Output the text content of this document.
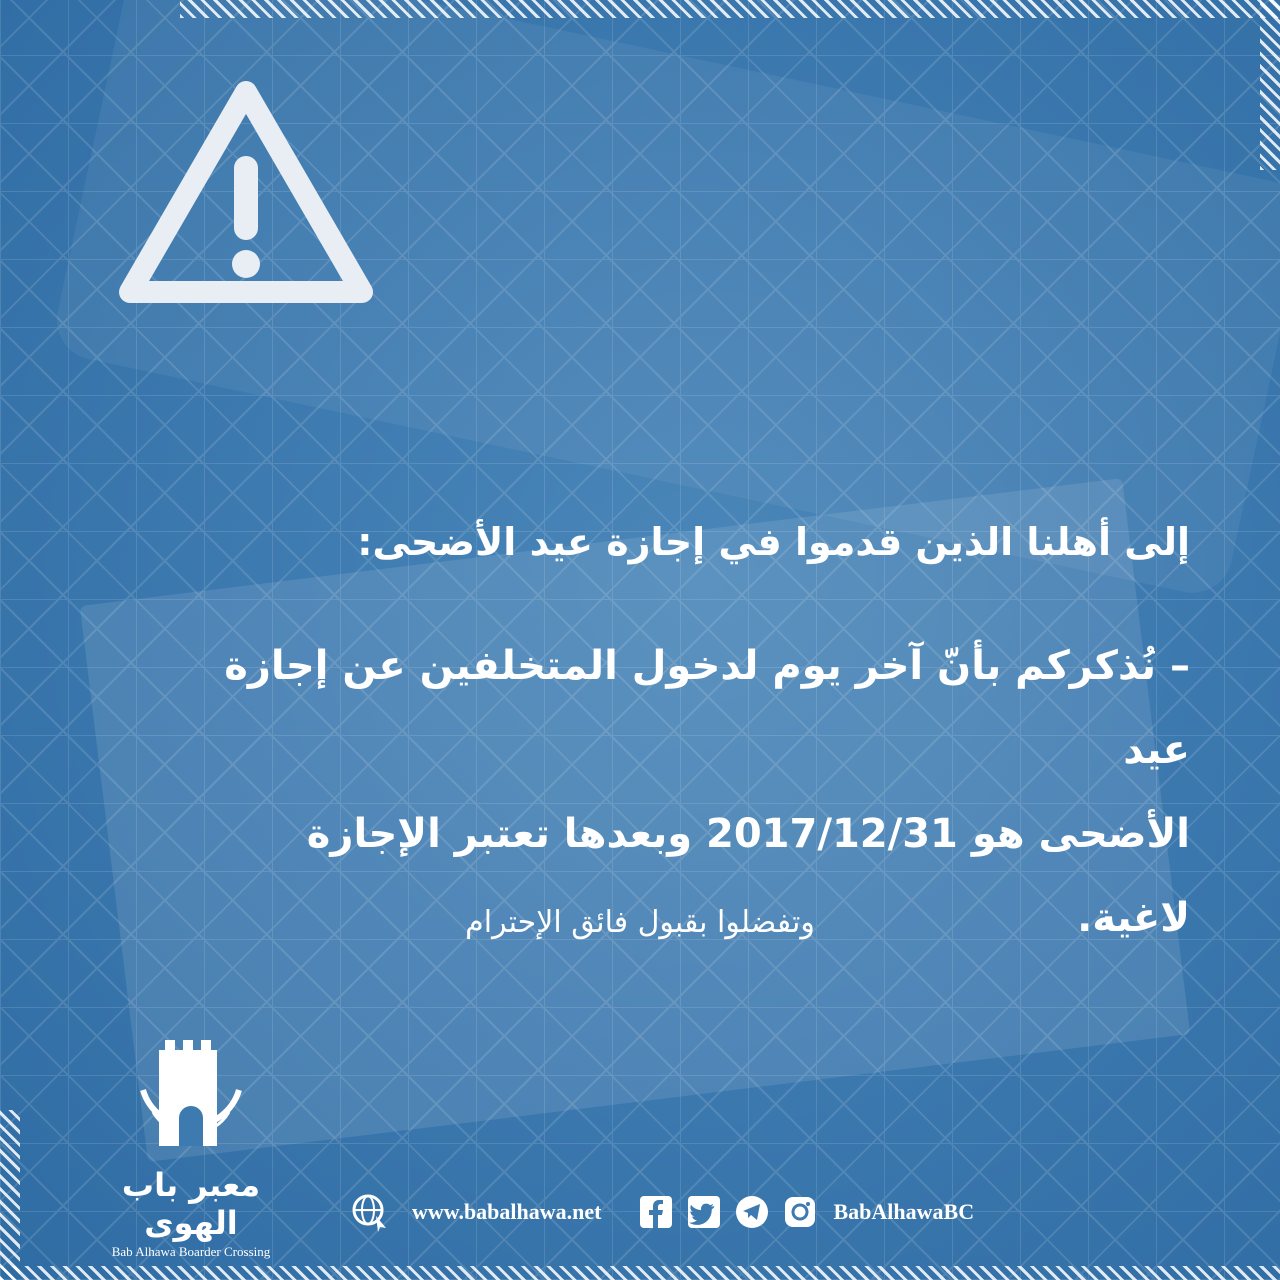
إلى أهلنا الذين قدموا في إجازة عيد الأضحى:

– نُذكركم بأنّ آخر يوم لدخول المتخلفين عن إجازة عيد

الأضحى هو 2017/12/31 وبعدها تعتبر الإجازة لاغية.

وتفضلوا بقبول فائق الإحترام
معبر باب الهوى
Bab Alhawa Boarder Crossing
www.babalhawa.net	BabAlhawaBC
